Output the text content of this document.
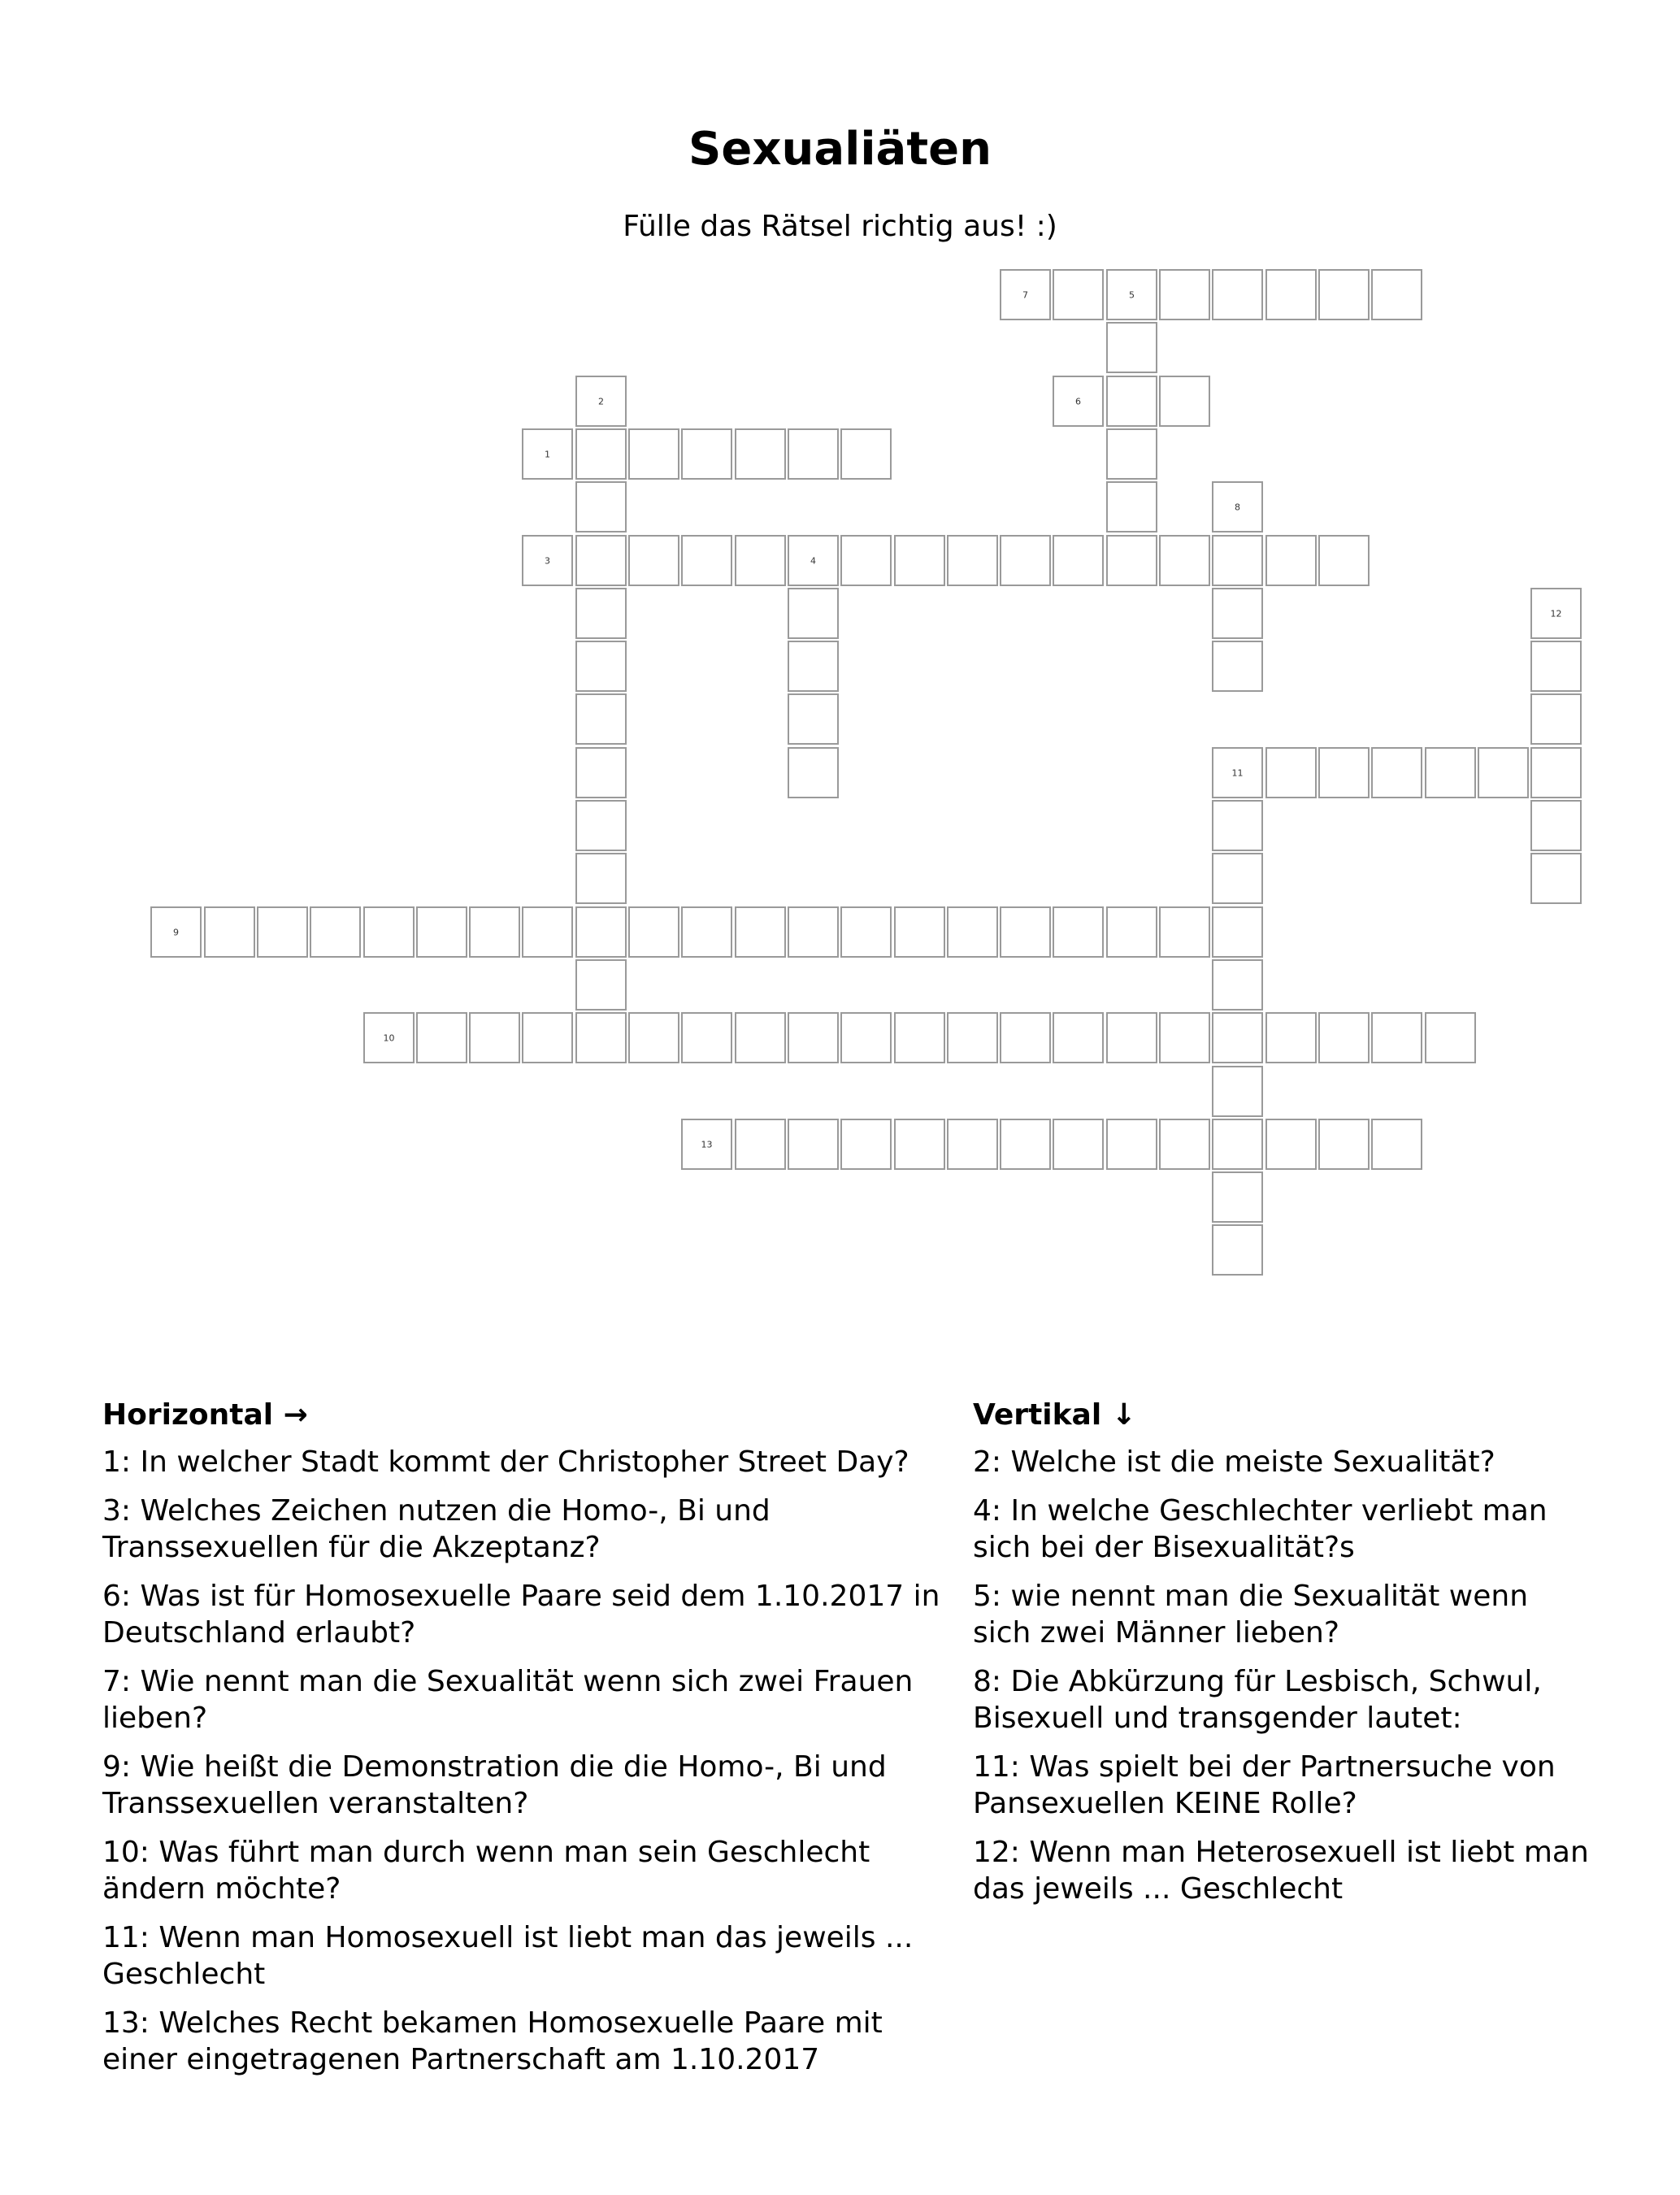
Sexualiäten
Fülle das Rätsel richtig aus! :)
7	5
2	6
1
8
3	4
12
11
9
10
13
Horizontal →
1: In welcher Stadt kommt der Christopher Street Day?
3: Welches Zeichen nutzen die Homo-, Bi und Transsexuellen für die Akzeptanz?
6: Was ist für Homosexuelle Paare seid dem 1.10.2017 in Deutschland erlaubt?
7: Wie nennt man die Sexualität wenn sich zwei Frauen lieben?
9: Wie heißt die Demonstration die die Homo-, Bi und Transsexuellen veranstalten?
10: Was führt man durch wenn man sein Geschlecht ändern möchte?
11: Wenn man Homosexuell ist liebt man das jeweils ... Geschlecht
13: Welches Recht bekamen Homosexuelle Paare mit einer eingetragenen Partnerschaft am 1.10.2017
Vertikal ↓
2: Welche ist die meiste Sexualität?
4: In welche Geschlechter verliebt man sich bei der Bisexualität?s
5: wie nennt man die Sexualität wenn sich zwei Männer lieben?
8: Die Abkürzung für Lesbisch, Schwul, Bisexuell und transgender lautet:
11: Was spielt bei der Partnersuche von Pansexuellen KEINE Rolle?
12: Wenn man Heterosexuell ist liebt man das jeweils ... Geschlecht
